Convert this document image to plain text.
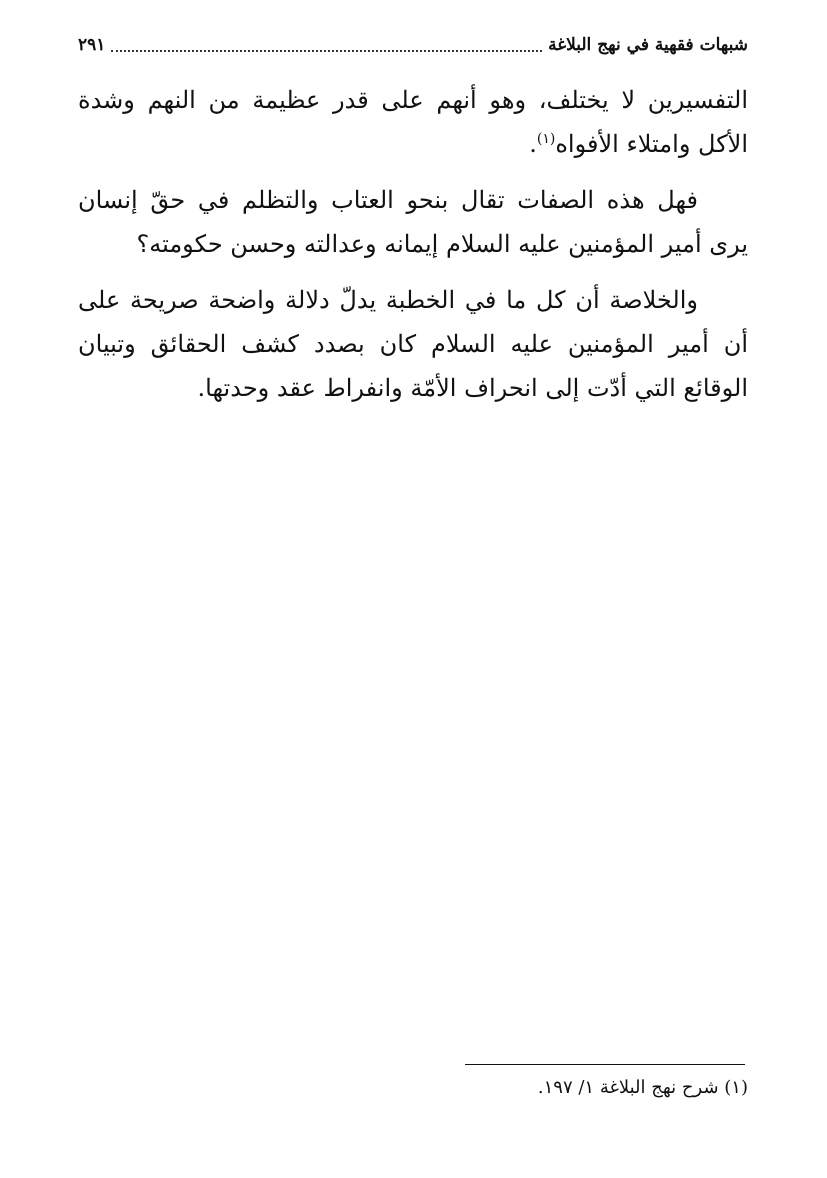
شبهات فقهية في نهج البلاغة
٢٩١

التفسيرين لا يختلف، وهو أنهم على قدر عظيمة من النهم وشدة الأكل وامتلاء الأفواه$^{(١)}$.

فهل هذه الصفات تقال بنحو العتاب والتظلم في حقّ إنسان يرى أمير المؤمنين عليه السلام إيمانه وعدالته وحسن حكومته؟

والخلاصة أن كل ما في الخطبة يدلّ دلالة واضحة صريحة على أن أمير المؤمنين عليه السلام كان بصدد كشف الحقائق وتبيان الوقائع التي أدّت إلى انحراف الأمّة وانفراط عقد وحدتها.

(١) شرح نهج البلاغة ١/ ١٩٧.
